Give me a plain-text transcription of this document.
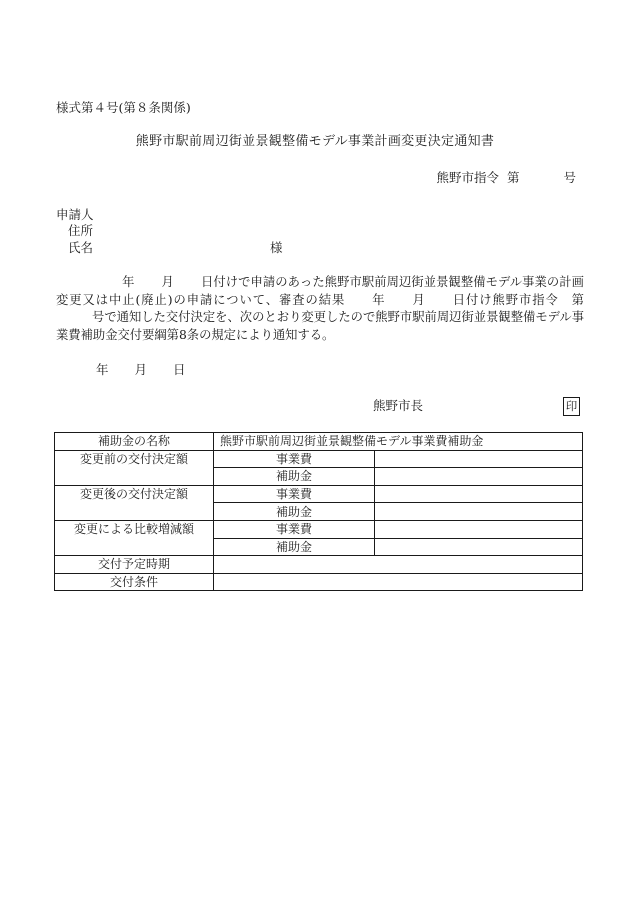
様式第４号(第８条関係)
熊野市駅前周辺街並景観整備モデル事業計画変更決定通知書
熊野市指令 第	号
申請人
住所
氏名	様
年 月 日付けで申請のあった熊野市駅前周辺街並景観整備モデル事業の計画変更又は中止(廃止)の申請について、審査の結果 年 月 日付け熊野市指令 第号で通知した交付決定を、次のとおり変更したので熊野市駅前周辺街並景観整備モデル事業費補助金交付要綱第8条の規定により通知する。
年 月 日
熊野市長	印
補助金の名称	熊野市駅前周辺街並景観整備モデル事業費補助金	
変更前の交付決定額	事業費	
	補助金	
変更後の交付決定額	事業費	
	補助金	
変更による比較増減額	事業費	
	補助金	
交付予定時期		
交付条件		
